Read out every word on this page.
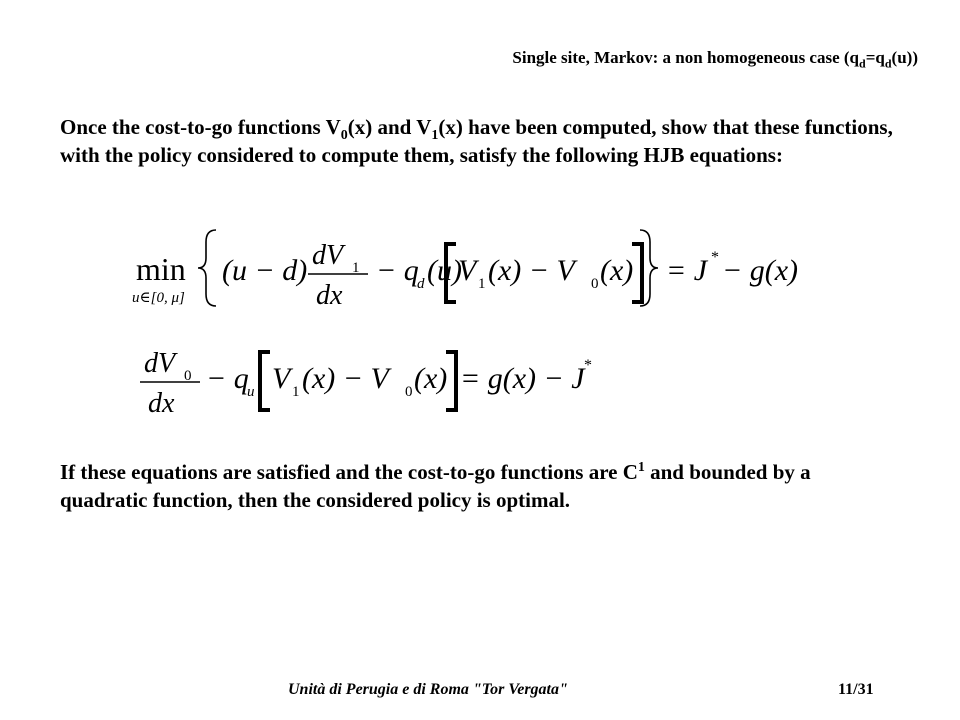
Single site, Markov: a non homogeneous case $(q_d=q_d(u))$
Once the cost-to-go functions $V_0(x)$ and $V_1(x)$ have been computed, show that these functions, with the policy considered to compute them, satisfy the following HJB equations:
min
u∈[0, μ]
(u − d) dV 1
dx
− q
d (u)
V 1 (x) − V 0 (x) = J * − g(x)
dV 0
dx
− q
u V 1 (x) − V 0 (x) = g(x) − J *
If these equations are satisfied and the cost-to-go functions are $C^1$ and bounded by a quadratic function, then the considered policy is optimal.
Unità di Perugia e di Roma "Tor Vergata"	11/31
